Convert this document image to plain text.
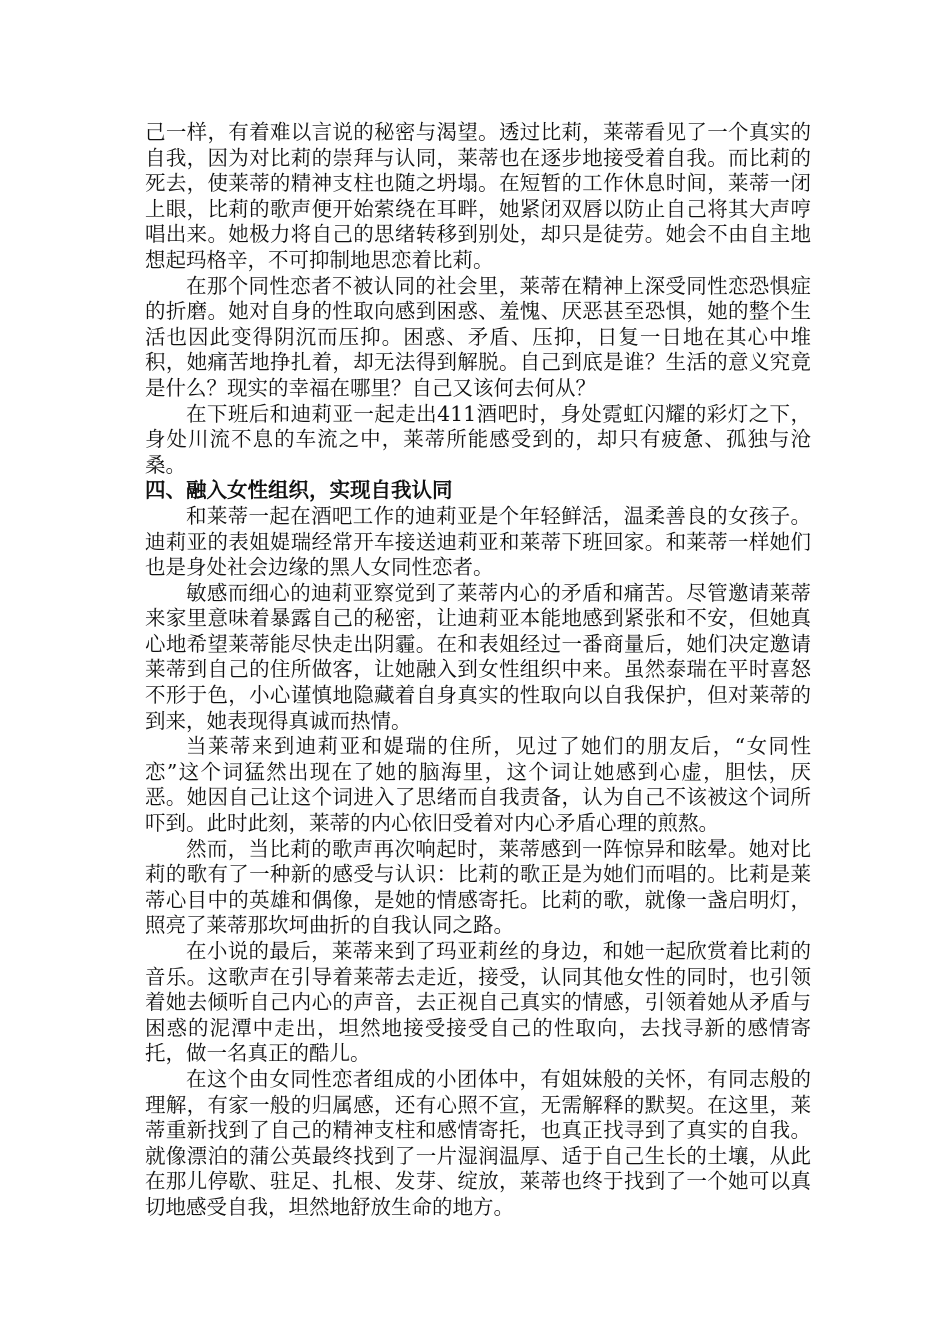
己一样，有着难以言说的秘密与渴望。透过比莉，莱蒂看见了一个真实的自我，因为对比莉的崇拜与认同，莱蒂也在逐步地接受着自我。而比莉的死去，使莱蒂的精神支柱也随之坍塌。在短暂的工作休息时间，莱蒂一闭上眼，比莉的歌声便开始萦绕在耳畔，她紧闭双唇以防止自己将其大声哼唱出来。她极力将自己的思绪转移到别处，却只是徒劳。她会不由自主地想起玛格辛，不可抑制地思恋着比莉。

在那个同性恋者不被认同的社会里，莱蒂在精神上深受同性恋恐惧症的折磨。她对自身的性取向感到困惑、羞愧、厌恶甚至恐惧，她的整个生活也因此变得阴沉而压抑。困惑、矛盾、压抑，日复一日地在其心中堆积，她痛苦地挣扎着，却无法得到解脱。自己到底是谁？生活的意义究竟是什么？现实的幸福在哪里？自己又该何去何从？

在下班后和迪莉亚一起走出411酒吧时，身处霓虹闪耀的彩灯之下，身处川流不息的车流之中，莱蒂所能感受到的，却只有疲惫、孤独与沧桑。

四、融入女性组织，实现自我认同

和莱蒂一起在酒吧工作的迪莉亚是个年轻鲜活，温柔善良的女孩子。迪莉亚的表姐媞瑞经常开车接送迪莉亚和莱蒂下班回家。和莱蒂一样她们也是身处社会边缘的黑人女同性恋者。

敏感而细心的迪莉亚察觉到了莱蒂内心的矛盾和痛苦。尽管邀请莱蒂来家里意味着暴露自己的秘密，让迪莉亚本能地感到紧张和不安，但她真心地希望莱蒂能尽快走出阴霾。在和表姐经过一番商量后，她们决定邀请莱蒂到自己的住所做客，让她融入到女性组织中来。虽然泰瑞在平时喜怒不形于色，小心谨慎地隐藏着自身真实的性取向以自我保护，但对莱蒂的到来，她表现得真诚而热情。

当莱蒂来到迪莉亚和媞瑞的住所，见过了她们的朋友后，“女同性恋”这个词猛然出现在了她的脑海里，这个词让她感到心虚，胆怯，厌恶。她因自己让这个词进入了思绪而自我责备，认为自己不该被这个词所吓到。此时此刻，莱蒂的内心依旧受着对内心矛盾心理的煎熬。

然而，当比莉的歌声再次响起时，莱蒂感到一阵惊异和眩晕。她对比莉的歌有了一种新的感受与认识：比莉的歌正是为她们而唱的。比莉是莱蒂心目中的英雄和偶像，是她的情感寄托。比莉的歌，就像一盏启明灯，照亮了莱蒂那坎坷曲折的自我认同之路。

在小说的最后，莱蒂来到了玛亚莉丝的身边，和她一起欣赏着比莉的音乐。这歌声在引导着莱蒂去走近，接受，认同其他女性的同时，也引领着她去倾听自己内心的声音，去正视自己真实的情感，引领着她从矛盾与困惑的泥潭中走出，坦然地接受接受自己的性取向，去找寻新的感情寄托，做一名真正的酷儿。

在这个由女同性恋者组成的小团体中，有姐妹般的关怀，有同志般的理解，有家一般的归属感，还有心照不宣，无需解释的默契。在这里，莱蒂重新找到了自己的精神支柱和感情寄托，也真正找寻到了真实的自我。就像漂泊的蒲公英最终找到了一片湿润温厚、适于自己生长的土壤，从此在那儿停歇、驻足、扎根、发芽、绽放，莱蒂也终于找到了一个她可以真切地感受自我，坦然地舒放生命的地方。
